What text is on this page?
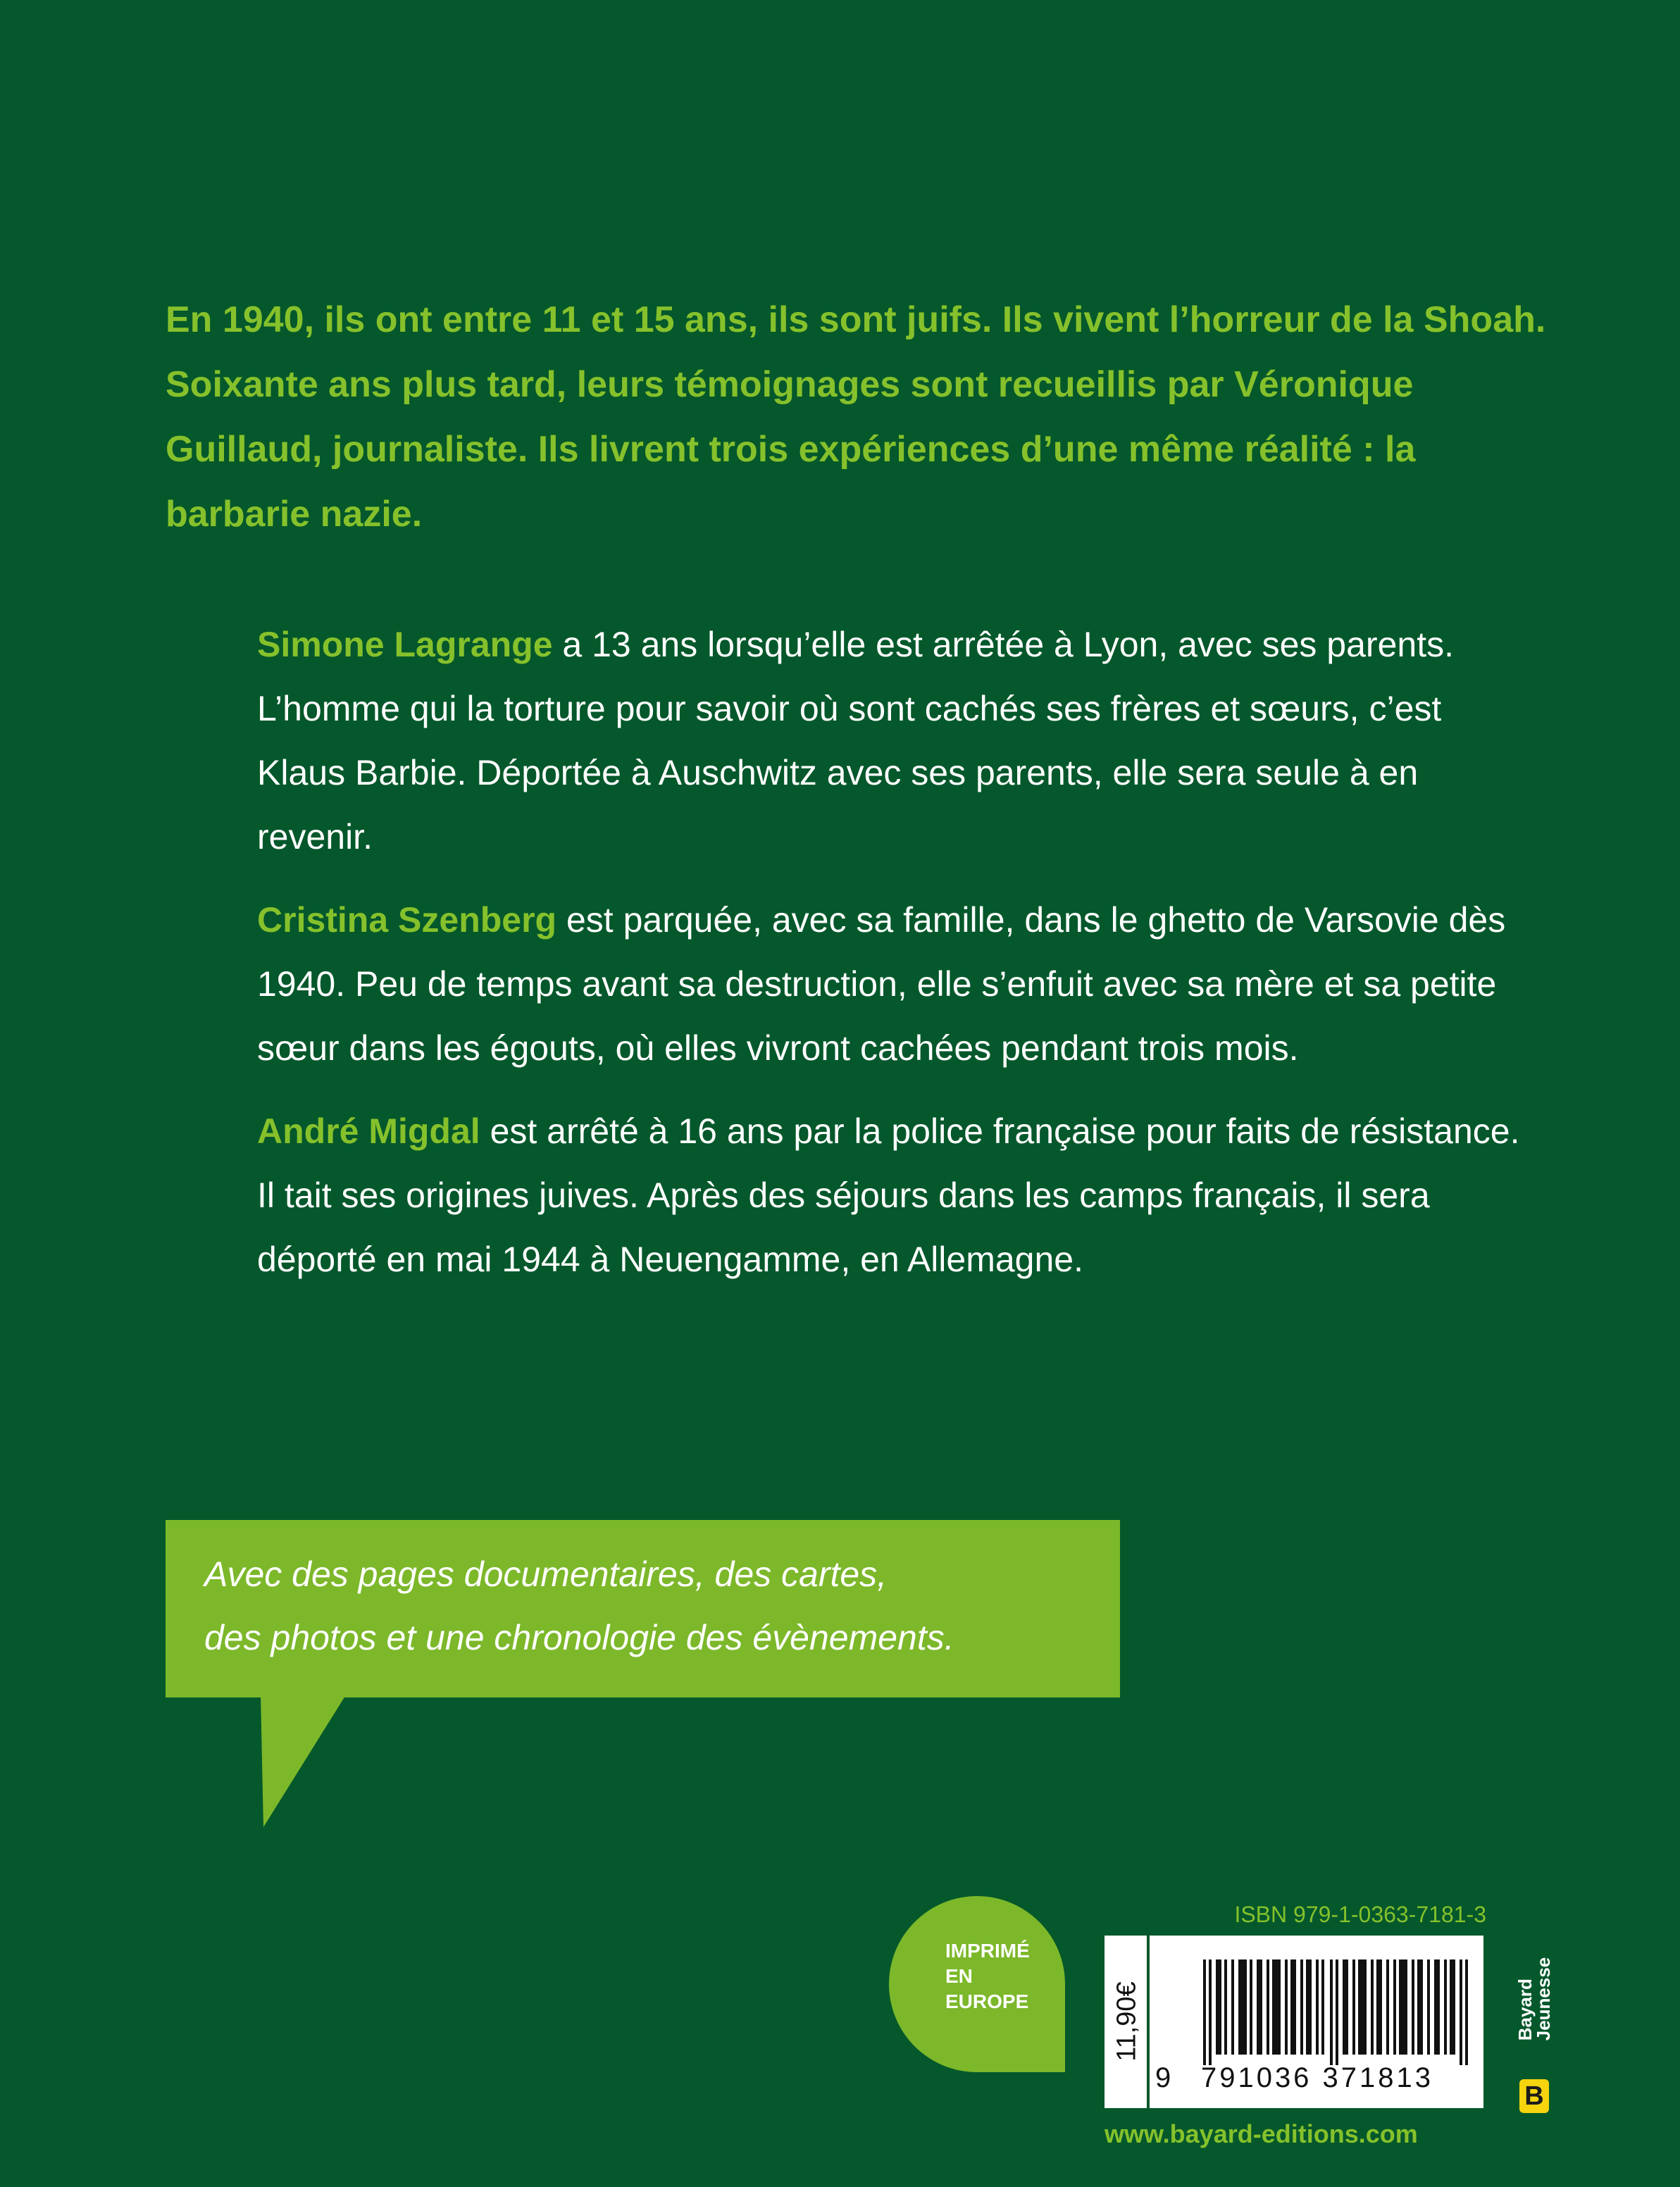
En 1940, ils ont entre 11 et 15 ans, ils sont juifs. Ils vivent l’horreur de la Shoah. Soixante ans plus tard, leurs témoignages sont recueillis par Véronique Guillaud, journaliste. Ils livrent trois expériences d’une même réalité : la barbarie nazie.

Simone Lagrange a 13 ans lorsqu’elle est arrêtée à Lyon, avec ses parents. L’homme qui la torture pour savoir où sont cachés ses frères et sœurs, c’est Klaus Barbie. Déportée à Auschwitz avec ses parents, elle sera seule à en revenir.

Cristina Szenberg est parquée, avec sa famille, dans le ghetto de Varsovie dès 1940. Peu de temps avant sa destruction, elle s’enfuit avec sa mère et sa petite sœur dans les égouts, où elles vivront cachées pendant trois mois.

André Migdal est arrêté à 16 ans par la police française pour faits de résistance. Il tait ses origines juives. Après des séjours dans les camps français, il sera déporté en mai 1944 à Neuengamme, en Allemagne.

Avec des pages documentaires, des cartes,
des photos et une chronologie des évènements.

IMPRIMÉ
EN
EUROPE

ISBN 979-1-0363-7181-3
11,90€
9	791036 371813
Bayard
Jeunesse
B
www.bayard-editions.com
